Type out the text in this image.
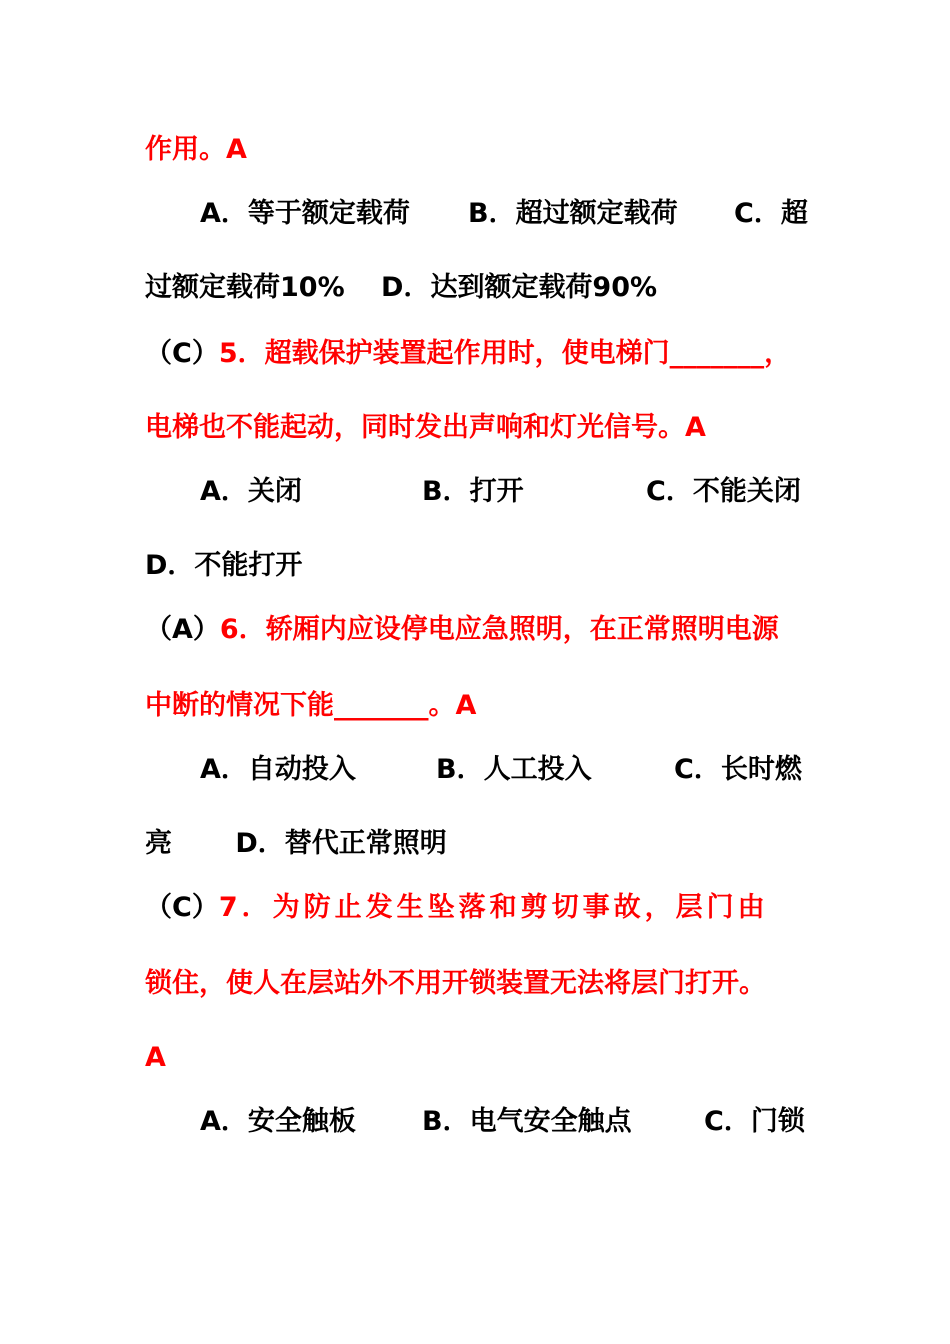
作用。A
A．等于额定载荷 B．超过额定载荷 C．超
过额定载荷10%　 D．达到额定载荷90%
（C）5．超载保护装置起作用时，使电梯门_______，
电梯也不能起动，同时发出声响和灯光信号。A
A．关闭	B．打开	C．不能关闭
D．不能打开
（A）6．轿厢内应设停电应急照明，在正常照明电源
中断的情况下能_______。A
A．自动投入	B．人工投入	C．长时燃
亮　　 D．替代正常照明
（C）7．为防止发生坠落和剪切事故，层门由
锁住，使人在层站外不用开锁装置无法将层门打开。
A
A．安全触板 B．电气安全触点	C．门锁
